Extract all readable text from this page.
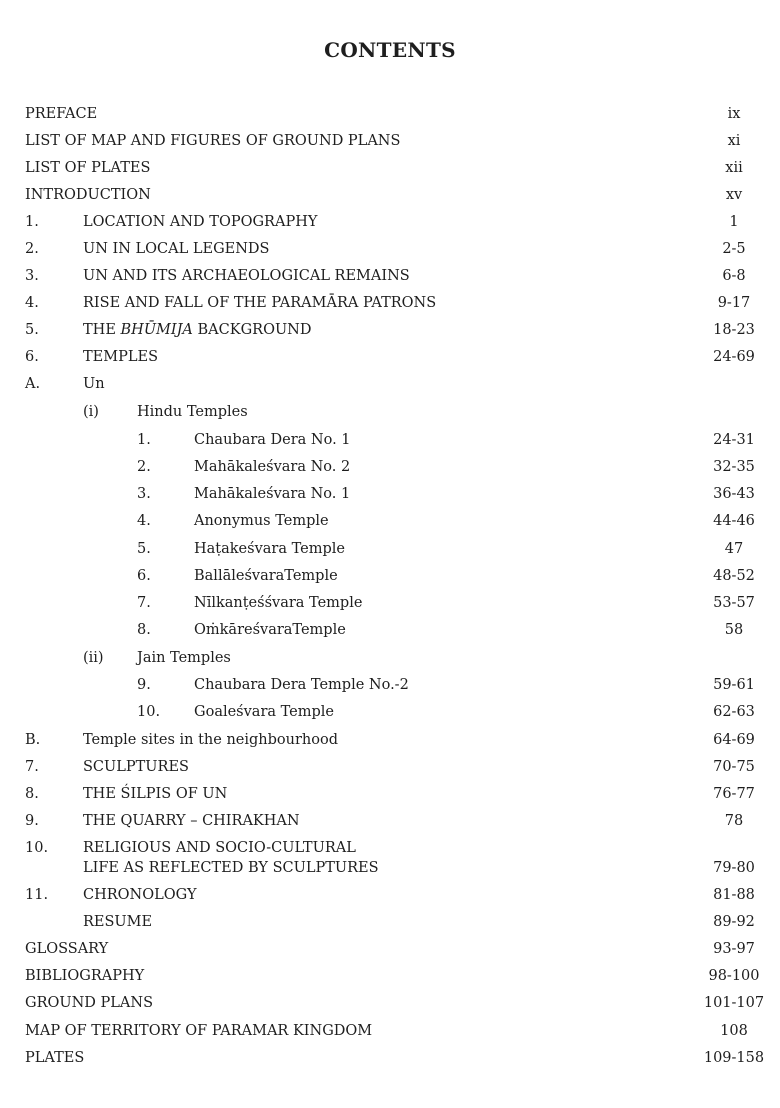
CONTENTS
PREFACE	ix
LIST OF MAP AND FIGURES OF GROUND PLANS	xi
LIST OF PLATES	xii
INTRODUCTION	xv
1.	LOCATION AND TOPOGRAPHY	1
2.	UN IN LOCAL LEGENDS	2-5
3.	UN AND ITS ARCHAEOLOGICAL REMAINS	6-8
4.	RISE AND FALL OF THE PARAMĀRA PATRONS	9-17
5.	THE BHŪMIJA BACKGROUND	18-23
6.	TEMPLES	24-69
A.	Un
(i)	Hindu Temples
1.	Chaubara Dera No. 1	24-31
2.	Mahākaleśvara No. 2	32-35
3.	Mahākaleśvara No. 1	36-43
4.	Anonymus Temple	44-46
5.	Haṭakeśvara Temple	47
6.	BallāleśvaraTemple	48-52
7.	Nīlkanṭeśśvara Temple	53-57
8.	OṁkāreśvaraTemple	58
(ii) Jain Temples
9.	Chaubara Dera Temple No.-2	59-61
10. Goaleśvara Temple	62-63
B.	Temple sites in the neighbourhood	64-69
7.	SCULPTURES	70-75
8.	THE ŚILPIS OF UN	76-77
9.	THE QUARRY – CHIRAKHAN	78
10. RELIGIOUS AND SOCIO-CULTURAL
LIFE AS REFLECTED BY SCULPTURES	79-80
11. CHRONOLOGY	81-88
RESUME	89-92
GLOSSARY	93-97
BIBLIOGRAPHY	98-100
GROUND PLANS	101-107
MAP OF TERRITORY OF PARAMAR KINGDOM	108
PLATES	109-158
